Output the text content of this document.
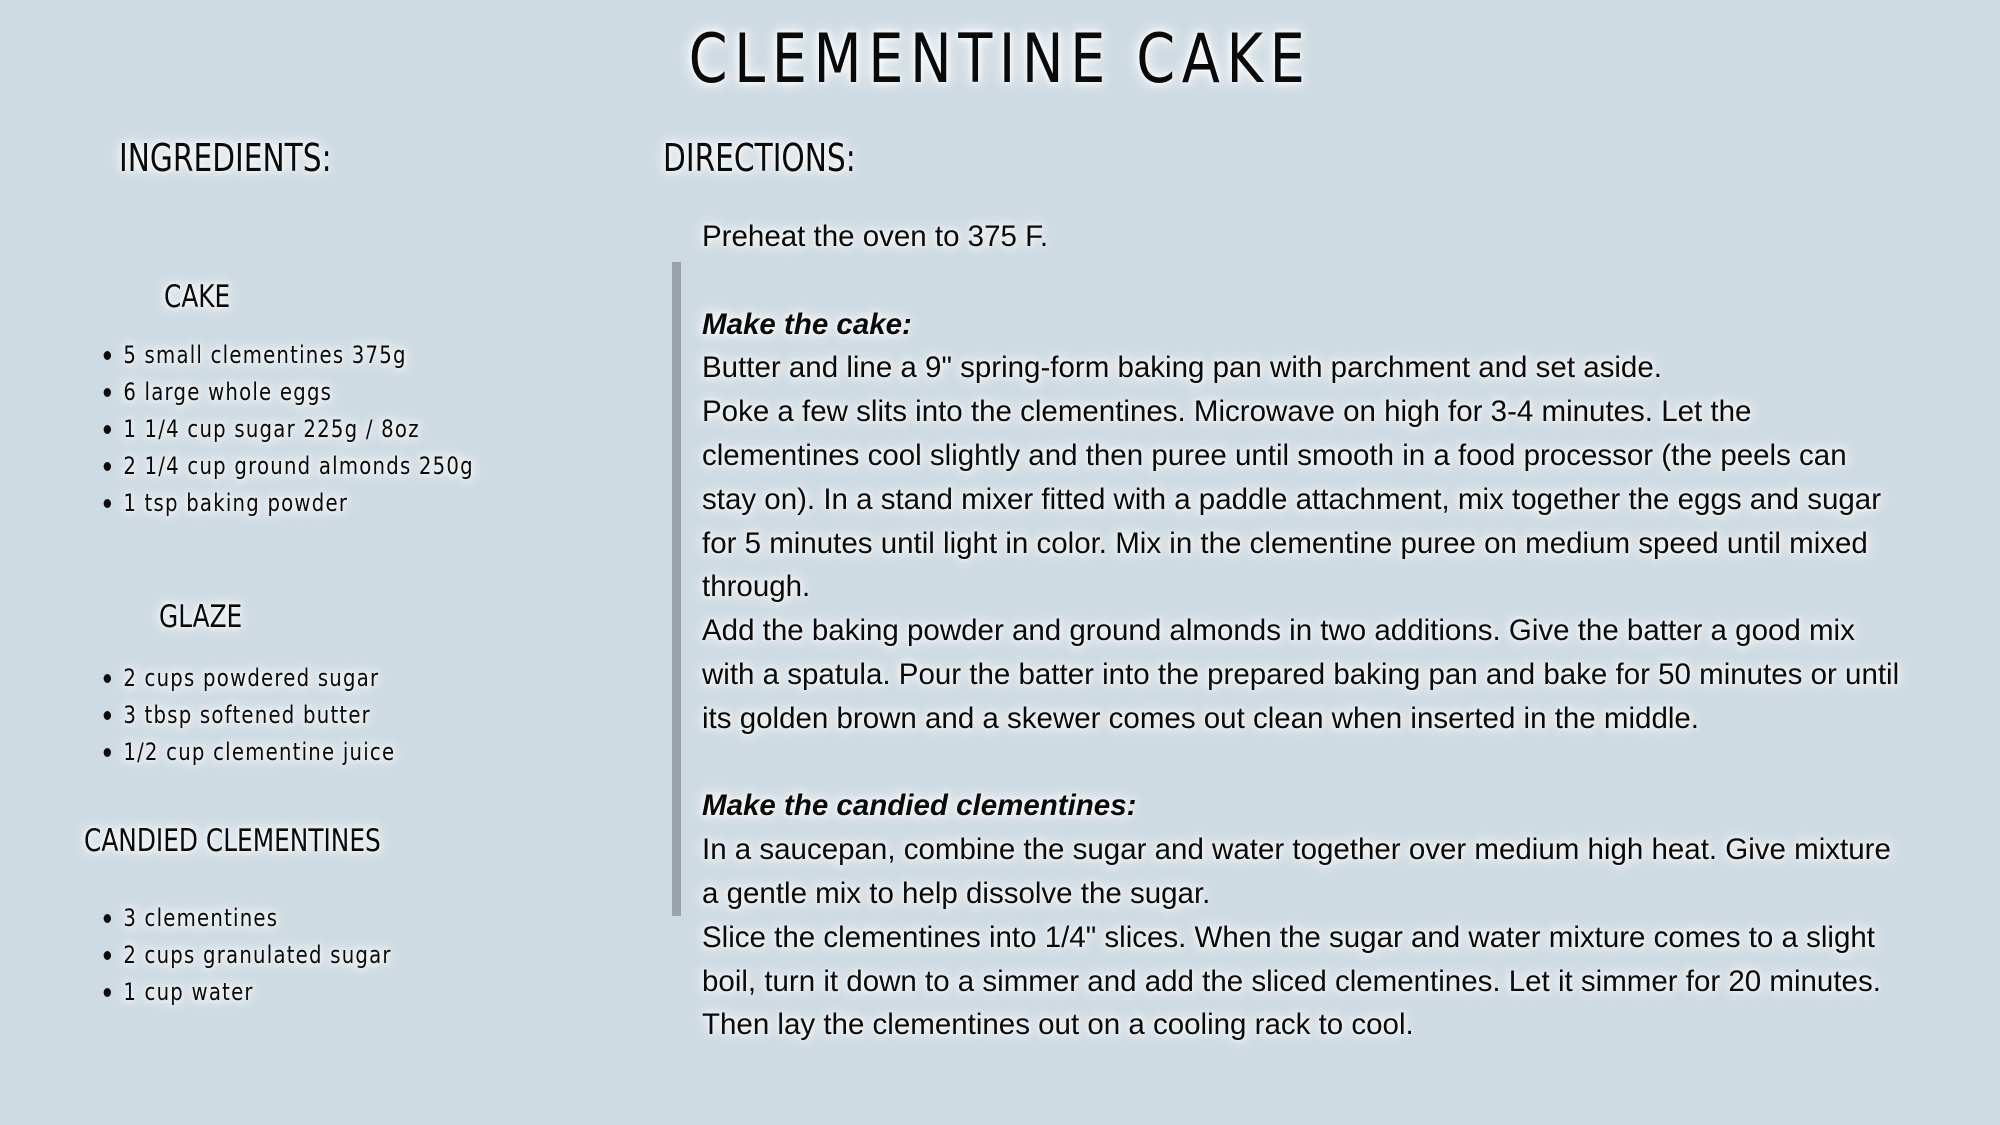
CLEMENTINE CAKE
INGREDIENTS:
CAKE
5 small clementines 375g
6 large whole eggs
1 1/4 cup sugar 225g / 8oz
2 1/4 cup ground almonds 250g
1 tsp baking powder
GLAZE
2 cups powdered sugar
3 tbsp softened butter
1/2 cup clementine juice
CANDIED CLEMENTINES
3 clementines
2 cups granulated sugar
1 cup water
DIRECTIONS:

Preheat the oven to 375 F.

Make the cake:

Butter and line a 9" spring-form baking pan with parchment and set aside.

Poke a few slits into the clementines. Microwave on high for 3-4 minutes. Let the clementines cool slightly and then puree until smooth in a food processor (the peels can stay on). In a stand mixer fitted with a paddle attachment, mix together the eggs and sugar for 5 minutes until light in color. Mix in the clementine puree on medium speed until mixed through.

Add the baking powder and ground almonds in two additions. Give the batter a good mix with a spatula. Pour the batter into the prepared baking pan and bake for 50 minutes or until its golden brown and a skewer comes out clean when inserted in the middle.

Make the candied clementines:

In a saucepan, combine the sugar and water together over medium high heat. Give mixture a gentle mix to help dissolve the sugar.

Slice the clementines into 1/4" slices. When the sugar and water mixture comes to a slight boil, turn it down to a simmer and add the sliced clementines. Let it simmer for 20 minutes. Then lay the clementines out on a cooling rack to cool.
